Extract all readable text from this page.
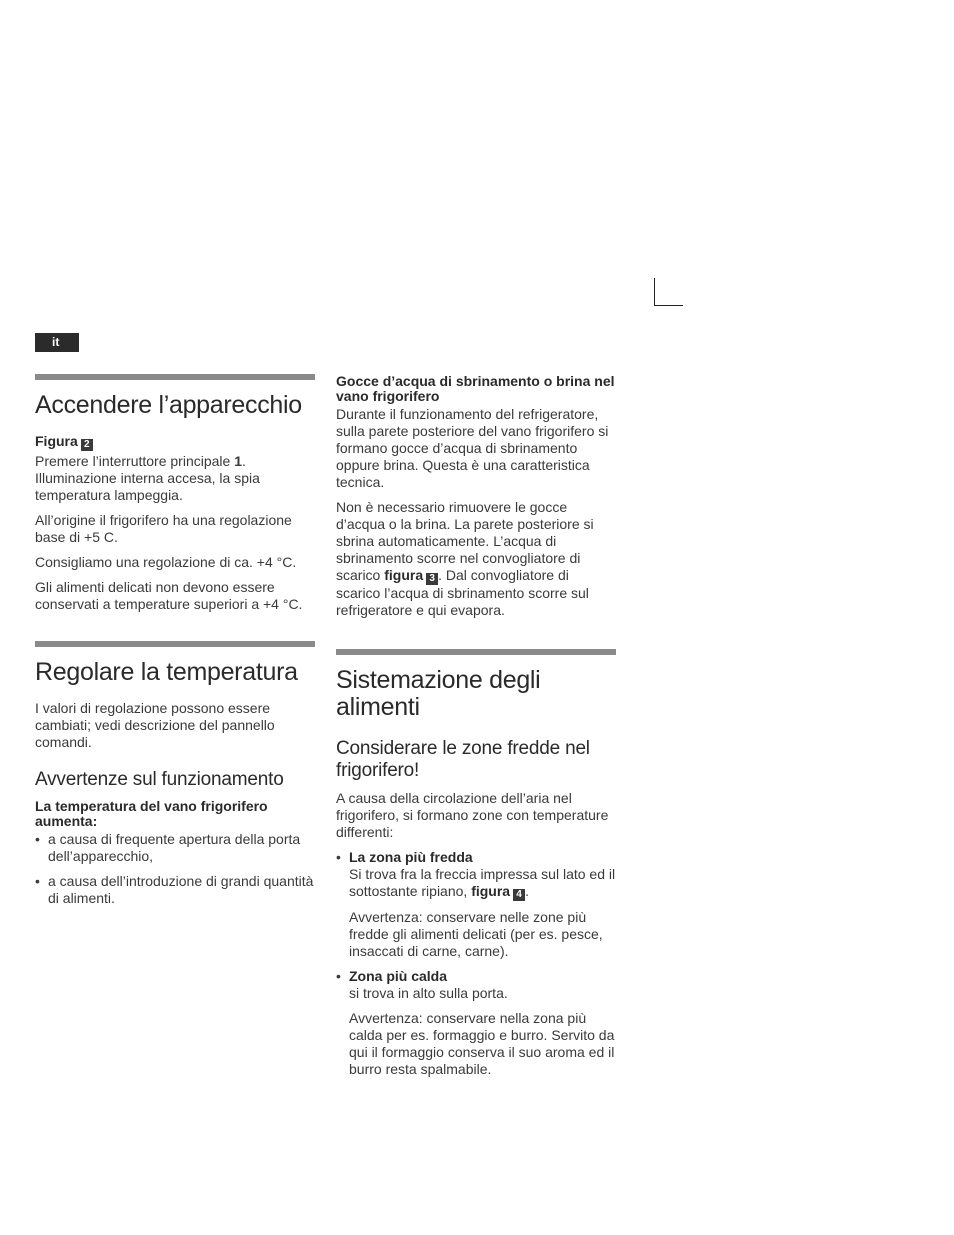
it
Accendere l’apparecchio

Figura 2

Premere l’interruttore principale 1. Illuminazione interna accesa, la spia temperatura lampeggia.

All’origine il frigorifero ha una regolazione base di +5 C.

Consigliamo una regolazione di ca. +4 °C.

Gli alimenti delicati non devono essere conservati a temperature superiori a +4 °C.

Regolare la temperatura

I valori di regolazione possono essere cambiati; vedi descrizione del pannello comandi.

Avvertenze sul funzionamento

La temperatura del vano frigorifero aumenta:

• a causa di frequente apertura della porta dell’apparecchio,
• a causa dell’introduzione di grandi quantità di alimenti.

Gocce d’acqua di sbrinamento o brina nel vano frigorifero

Durante il funzionamento del refrigeratore, sulla parete posteriore del vano frigorifero si formano gocce d’acqua di sbrinamento oppure brina. Questa è una caratteristica tecnica.

Non è necessario rimuovere le gocce d’acqua o la brina. La parete posteriore si sbrina automaticamente. L’acqua di sbrinamento scorre nel convogliatore di scarico figura 3 . Dal convogliatore di scarico l’acqua di sbrinamento scorre sul refrigeratore e qui evapora.

Sistemazione degli alimenti
Considerare le zone fredde nel frigorifero!

A causa della circolazione dell’aria nel frigorifero, si formano zone con temperature differenti:

• La zona più fredda
Si trova fra la freccia impressa sul lato ed il sottostante ripiano, figura 4 .
Avvertenza: conservare nelle zone più fredde gli alimenti delicati (per es. pesce, insaccati di carne, carne).
• Zona più calda
si trova in alto sulla porta.
Avvertenza: conservare nella zona più calda per es. formaggio e burro. Servito da qui il formaggio conserva il suo aroma ed il burro resta spalmabile.
